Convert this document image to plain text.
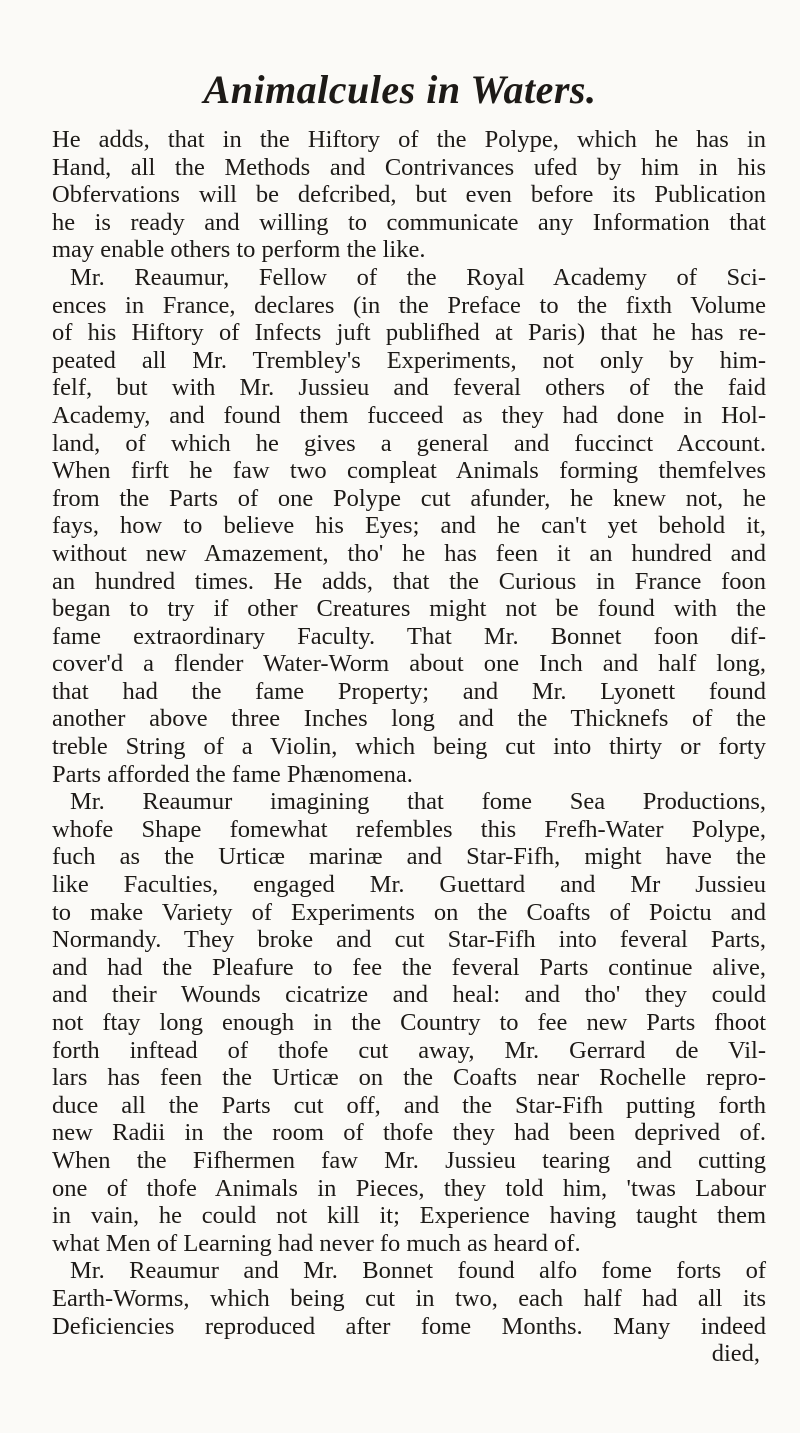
Animalcules in Waters.
He adds, that in the Hiftory of the Polype, which he has in
Hand, all the Methods and Contrivances ufed by him in his
Obfervations will be defcribed, but even before its Publication
he is ready and willing to communicate any Information that
may enable others to perform the like.
Mr. Reaumur, Fellow of the Royal Academy of Sci-
ences in France, declares (in the Preface to the fixth Volume
of his Hiftory of Infects juft publifhed at Paris) that he has re-
peated all Mr. Trembley's Experiments, not only by him-
felf, but with Mr. Jussieu and feveral others of the faid
Academy, and found them fucceed as they had done in Hol-
land, of which he gives a general and fuccinct Account.
When firft he faw two compleat Animals forming themfelves
from the Parts of one Polype cut afunder, he knew not, he
fays, how to believe his Eyes; and he can't yet behold it,
without new Amazement, tho' he has feen it an hundred and
an hundred times. He adds, that the Curious in France foon
began to try if other Creatures might not be found with the
fame extraordinary Faculty. That Mr. Bonnet foon dif-
cover'd a flender Water-Worm about one Inch and half long,
that had the fame Property; and Mr. Lyonett found
another above three Inches long and the Thicknefs of the
treble String of a Violin, which being cut into thirty or forty
Parts afforded the fame Phænomena.
Mr. Reaumur imagining that fome Sea Productions,
whofe Shape fomewhat refembles this Frefh-Water Polype,
fuch as the Urticæ marinæ and Star-Fifh, might have the
like Faculties, engaged Mr. Guettard and Mr Jussieu
to make Variety of Experiments on the Coafts of Poictu and
Normandy. They broke and cut Star-Fifh into feveral Parts,
and had the Pleafure to fee the feveral Parts continue alive,
and their Wounds cicatrize and heal: and tho' they could
not ftay long enough in the Country to fee new Parts fhoot
forth inftead of thofe cut away, Mr. Gerrard de Vil-
lars has feen the Urticæ on the Coafts near Rochelle repro-
duce all the Parts cut off, and the Star-Fifh putting forth
new Radii in the room of thofe they had been deprived of.
When the Fifhermen faw Mr. Jussieu tearing and cutting
one of thofe Animals in Pieces, they told him, 'twas Labour
in vain, he could not kill it; Experience having taught them
what Men of Learning had never fo much as heard of.
Mr. Reaumur and Mr. Bonnet found alfo fome forts of
Earth-Worms, which being cut in two, each half had all its
Deficiencies reproduced after fome Months. Many indeed
died,
